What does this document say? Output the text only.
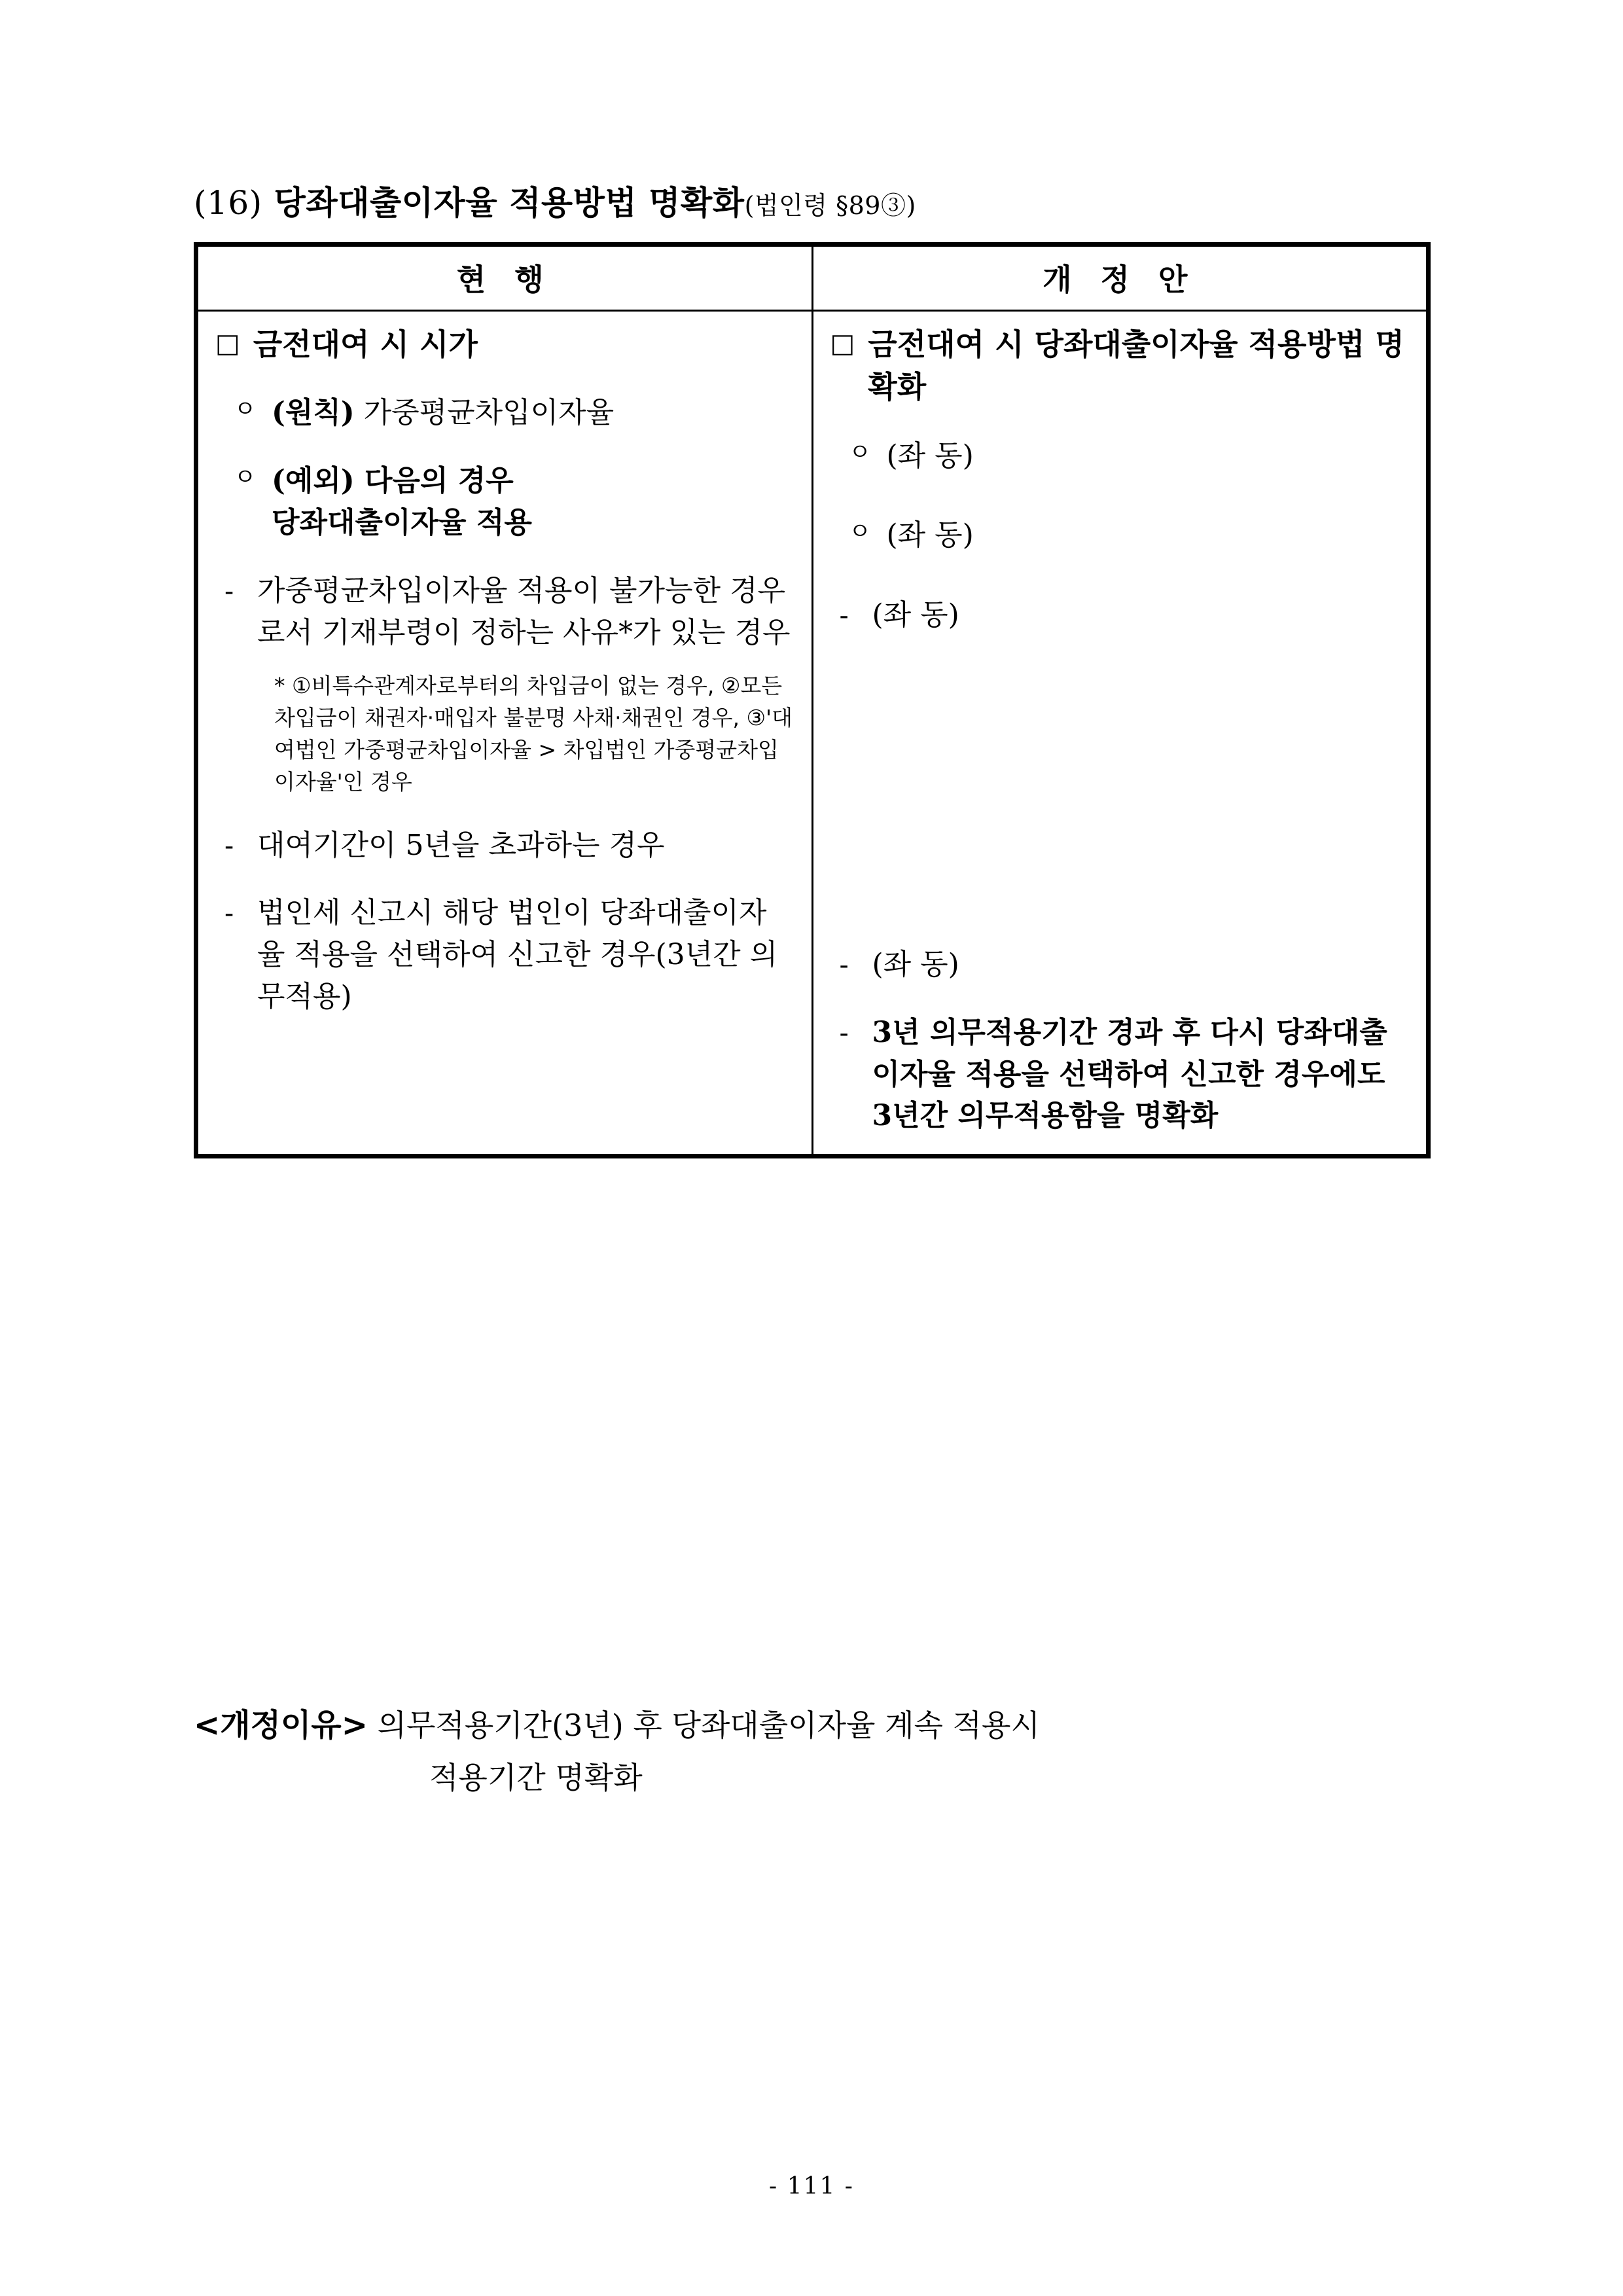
(16) 당좌대출이자율 적용방법 명확화(법인령 §89③)
현 행	개 정 안

□ 금전대여 시 시가
ㅇ (원칙) 가중평균차입이자율
ㅇ (예외) 다음의 경우
당좌대출이자율 적용
- 가중평균차입이자율 적용이 불가능한 경우로서 기재부령이 정하는 사유*가 있는 경우
* ①비특수관계자로부터의 차입금이 없는 경우, ②모든 차입금이 채권자·매입자 불분명 사채·채권인 경우, ③'대여법인 가중평균차입이자율 > 차입법인 가중평균차입이자율'인 경우
- 대여기간이 5년을 초과하는 경우
- 법인세 신고시 해당 법인이 당좌대출이자율 적용을 선택하여 신고한 경우(3년간 의무적용)

□ 금전대여 시 당좌대출이자율 적용방법 명확화
ㅇ (좌 동)
ㅇ (좌 동)
- (좌 동)
- (좌 동)
- 3년 의무적용기간 경과 후 다시 당좌대출이자율 적용을 선택하여 신고한 경우에도 3년간 의무적용함을 명확화
<개정이유> 의무적용기간(3년) 후 당좌대출이자율 계속 적용시
적용기간 명확화
- 111 -
